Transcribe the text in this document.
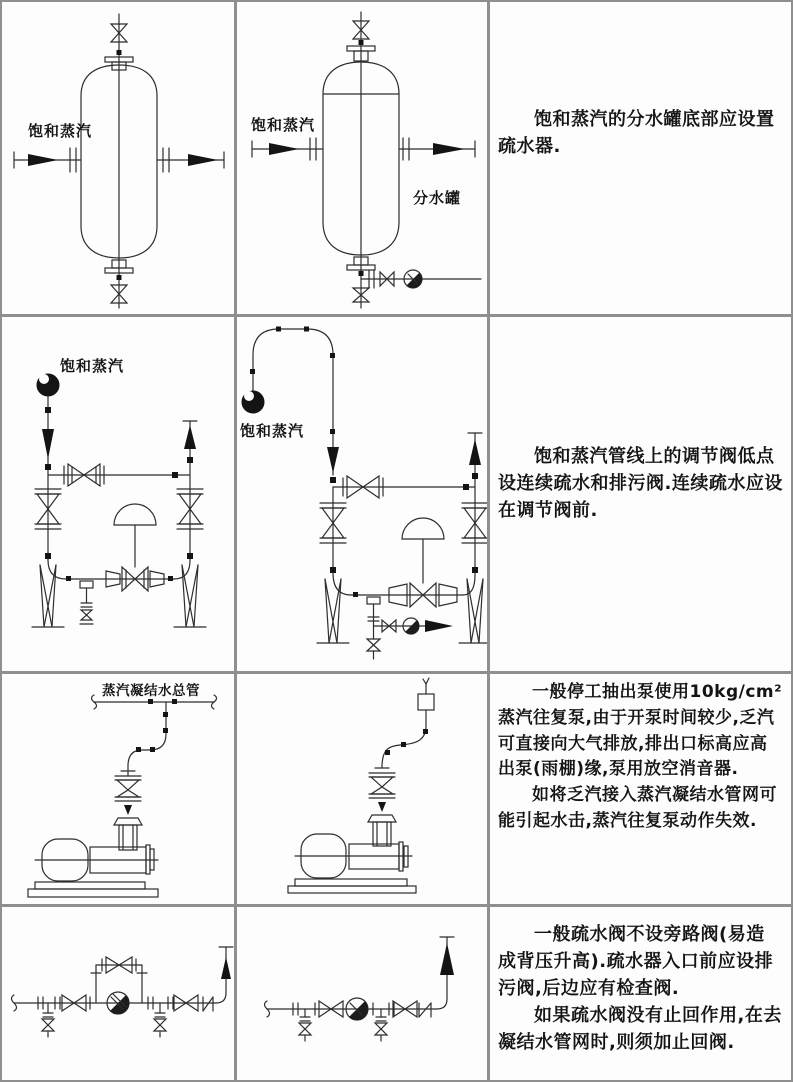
饱和蒸汽	饱和蒸汽
分水罐

饱和蒸汽的分水罐底部应设置疏水器.

饱和蒸汽
饱和蒸汽

饱和蒸汽管线上的调节阀低点设连续疏水和排污阀.连续疏水应设在调节阀前.

蒸汽凝结水总管	一般停工抽出泵使用10kg/cm²蒸汽往复泵,由于开泵时间较少,乏汽可直接向大气排放,排出口标高应高出泵(雨棚)缘,泵用放空消音器.

如将乏汽接入蒸汽凝结水管网可能引起水击,蒸汽往复泵动作失效.

一般疏水阀不设旁路阀(易造成背压升高).疏水器入口前应设排污阀,后边应有检查阀.

如果疏水阀没有止回作用,在去凝结水管网时,则须加止回阀.
